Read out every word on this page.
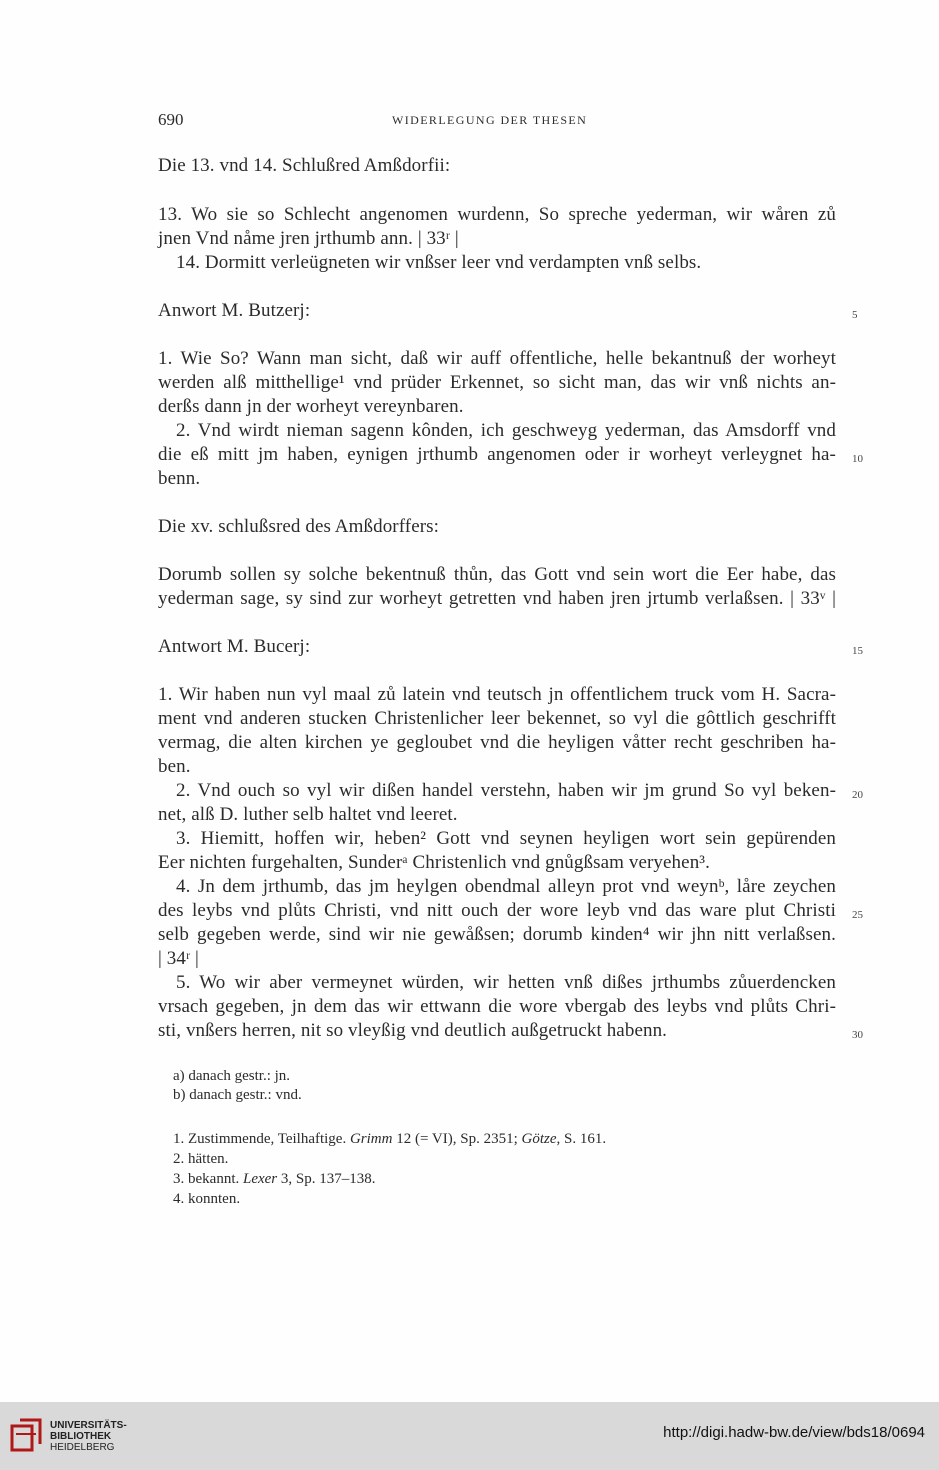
690	WIDERLEGUNG DER THESEN
Die 13. vnd 14. Schlußred Amßdorfii:
13. Wo sie so Schlecht angenomen wurdenn, So spreche yederman, wir wåren zů
jnen Vnd nåme jren jrthumb ann. | 33ʳ |
14. Dormitt verleügneten wir vnßser leer vnd verdampten vnß selbs.
Anwort M. Butzerj:
1. Wie So? Wann man sicht, daß wir auff offentliche, helle bekantnuß der worheyt
werden alß mitthellige¹ vnd prüder Erkennet, so sicht man, das wir vnß nichts an-
derßs dann jn der worheyt vereynbaren.
2. Vnd wirdt nieman sagenn kônden, ich geschweyg yederman, das Amsdorff vnd
die eß mitt jm haben, eynigen jrthumb angenomen oder ir worheyt verleygnet ha-
benn.
Die xv. schlußsred des Amßdorffers:
Dorumb sollen sy solche bekentnuß thůn, das Gott vnd sein wort die Eer habe, das
yederman sage, sy sind zur worheyt getretten vnd haben jren jrtumb verlaßsen. | 33ᵛ |
Antwort M. Bucerj:
1. Wir haben nun vyl maal zů latein vnd teutsch jn offentlichem truck vom H. Sacra-
ment vnd anderen stucken Christenlicher leer bekennet, so vyl die gôttlich geschrifft
vermag, die alten kirchen ye gegloubet vnd die heyligen våtter recht geschriben ha-
ben.
2. Vnd ouch so vyl wir dißen handel verstehn, haben wir jm grund So vyl beken-
net, alß D. luther selb haltet vnd leeret.
3. Hiemitt, hoffen wir, heben² Gott vnd seynen heyligen wort sein gepürenden
Eer nichten furgehalten, Sunderᵃ Christenlich vnd gnůgßsam veryehen³.
4. Jn dem jrthumb, das jm heylgen obendmal alleyn prot vnd weynᵇ, låre zeychen
des leybs vnd plůts Christi, vnd nitt ouch der wore leyb vnd das ware plut Christi
selb gegeben werde, sind wir nie gewåßsen; dorumb kinden⁴ wir jhn nitt verlaßsen.
| 34ʳ |
5. Wo wir aber vermeynet würden, wir hetten vnß dißes jrthumbs zůuerdencken
vrsach gegeben, jn dem das wir ettwann die wore vbergab des leybs vnd plůts Chri-
sti, vnßers herren, nit so vleyßig vnd deutlich außgetruckt habenn.
5
10
15
20
25
30
a) danach gestr.: jn.
b) danach gestr.: vnd.
1. Zustimmende, Teilhaftige. Grimm 12 (= VI), Sp. 2351; Götze, S. 161.
2. hätten.
3. bekannt. Lexer 3, Sp. 137–138.
4. konnten.
UNIVERSITÄTS-
BIBLIOTHEK
HEIDELBERG
http://digi.hadw-bw.de/view/bds18/0694
